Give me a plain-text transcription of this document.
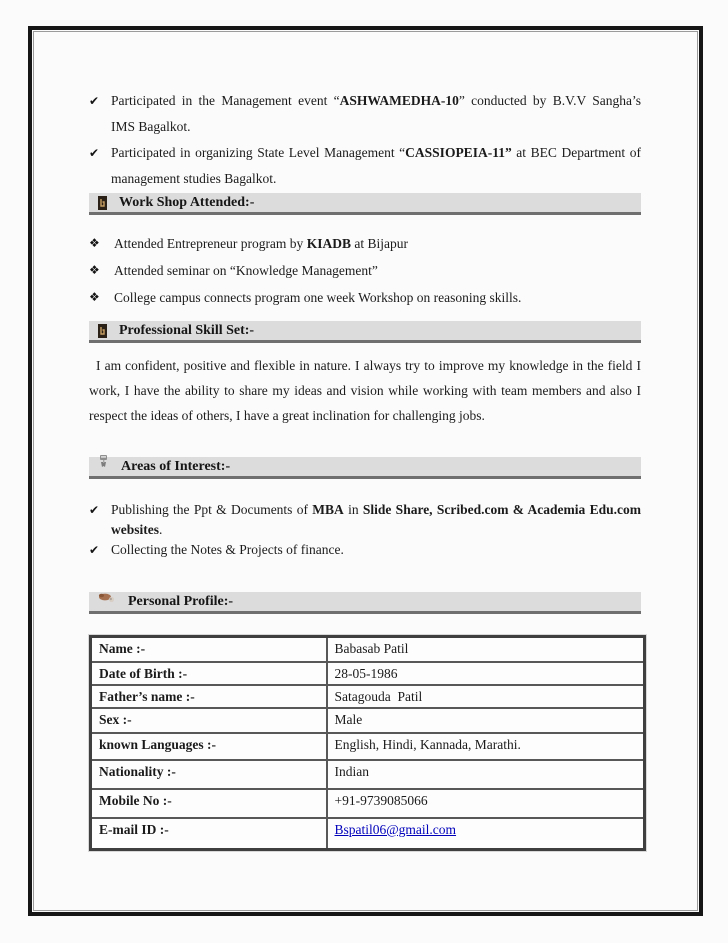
✔ Participated in the Management event “ASHWAMEDHA-10” conducted by B.V.V Sangha’s IMS Bagalkot.
✔ Participated in organizing State Level Management “CASSIOPEIA-11” at BEC Department of management studies Bagalkot.
Work Shop Attended:-
❖ Attended Entrepreneur program by KIADB at Bijapur
❖ Attended seminar on “Knowledge Management”
❖ College campus connects program one week Workshop on reasoning skills.
Professional Skill Set:-

I am confident, positive and flexible in nature. I always try to improve my knowledge in the field I work, I have the ability to share my ideas and vision while working with team members and also I respect the ideas of others, I have a great inclination for challenging jobs.

Areas of Interest:-
✔ Publishing the Ppt & Documents of MBA in Slide Share, Scribed.com & Academia Edu.com websites.
✔ Collecting the Notes & Projects of finance.
Personal Profile:-
Name :-	Babasab Patil
Date of Birth :-	28-05-1986
Father’s name :-	Satagouda  Patil
Sex :-	Male
known Languages :-	English, Hindi, Kannada, Marathi.
Nationality :-	Indian
Mobile No :-	+91-9739085066
E-mail ID :-	Bspatil06@gmail.com
